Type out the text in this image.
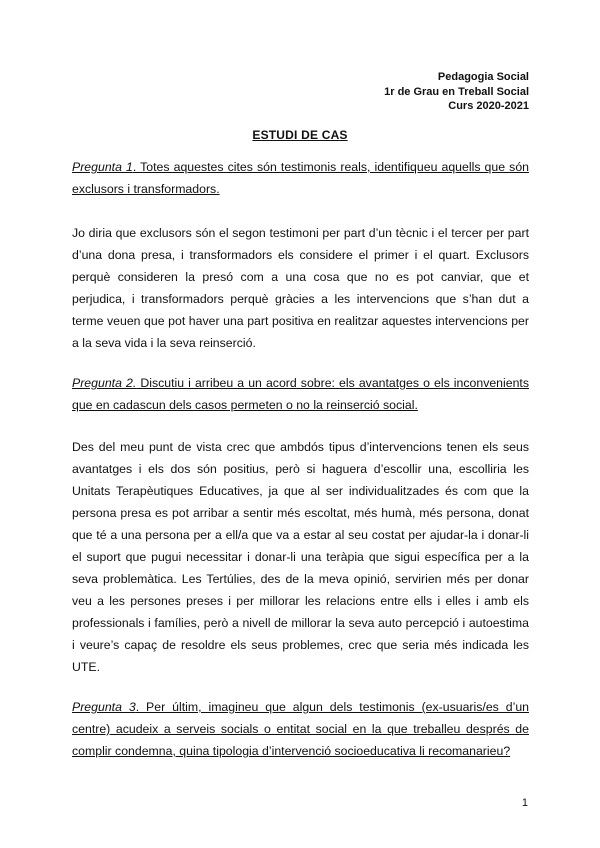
Pedagogia Social
1r de Grau en Treball Social
Curs 2020-2021
ESTUDI DE CAS

Pregunta 1. Totes aquestes cites són testimonis reals, identifiqueu aquells que són exclusors i transformadors.

Jo diria que exclusors són el segon testimoni per part d’un tècnic i el tercer per part d’una dona presa, i transformadors els considere el primer i el quart. Exclusors perquè consideren la presó com a una cosa que no es pot canviar, que et perjudica, i transformadors perquè gràcies a les intervencions que s’han dut a terme veuen que pot haver una part positiva en realitzar aquestes intervencions per a la seva vida i la seva reinserció.

Pregunta 2. Discutiu i arribeu a un acord sobre: els avantatges o els inconvenients que en cadascun dels casos permeten o no la reinserció social.

Des del meu punt de vista crec que ambdós tipus d’intervencions tenen els seus avantatges i els dos són positius, però si haguera d’escollir una, escolliria les Unitats Terapèutiques Educatives, ja que al ser individualitzades és com que la persona presa es pot arribar a sentir més escoltat, més humà, més persona, donat que té a una persona per a ell/a que va a estar al seu costat per ajudar-la i donar-li el suport que pugui necessitar i donar-li una teràpia que sigui específica per a la seva problemàtica. Les Tertúlies, des de la meva opinió, servirien més per donar veu a les persones preses i per millorar les relacions entre ells i elles i amb els professionals i famílies, però a nivell de millorar la seva auto percepció i autoestima i veure’s capaç de resoldre els seus problemes, crec que seria més indicada les UTE.

Pregunta 3. Per últim, imagineu que algun dels testimonis (ex-usuaris/es d’un centre) acudeix a serveis socials o entitat social en la que treballeu després de complir condemna, quina tipologia d’intervenció socioeducativa li recomanarieu?

1
